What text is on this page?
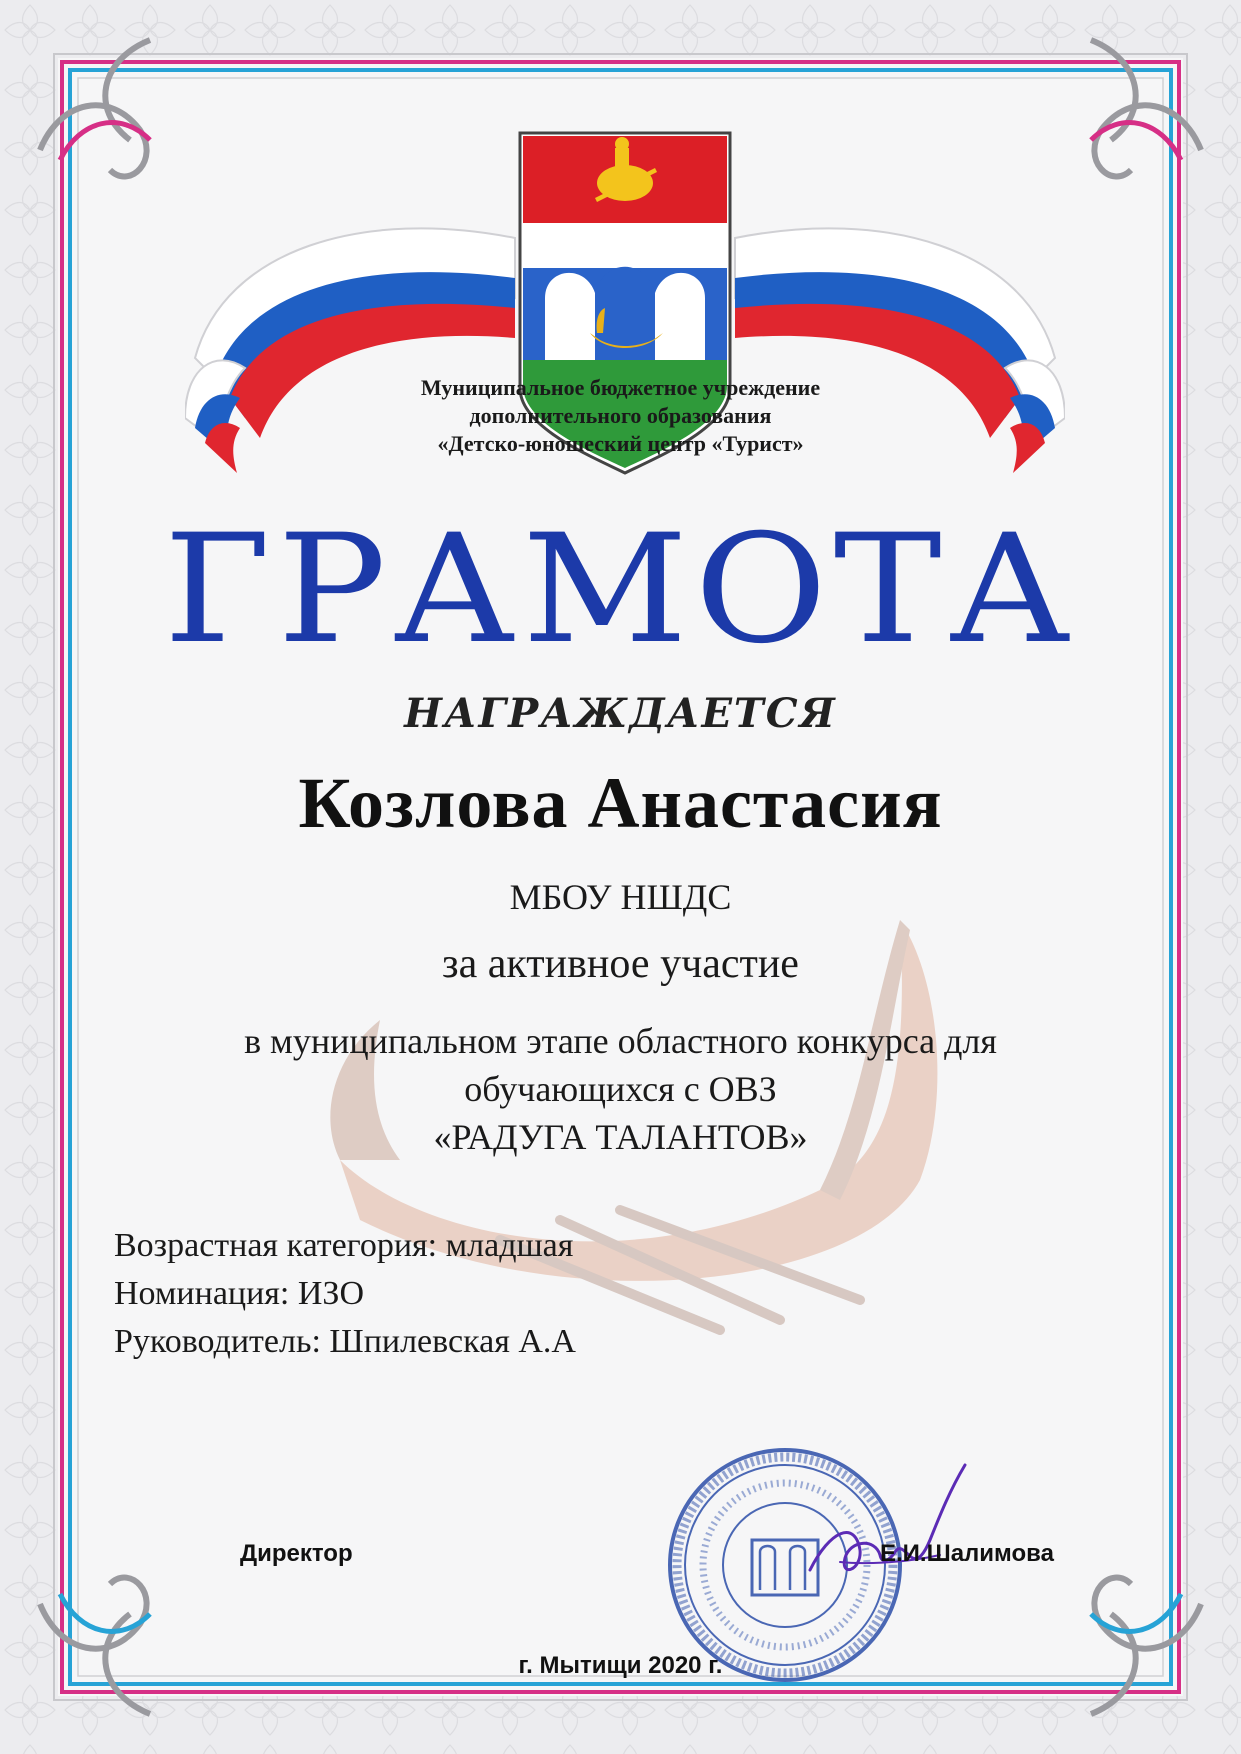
Муниципальное бюджетное учреждение
дополнительного образования
«Детско-юношеский центр «Турист»
ГРАМОТА
НАГРАЖДАЕТСЯ
Козлова Анастасия
МБОУ НШДС
за активное участие
в муниципальном этапе областного конкурса для
обучающихся с ОВЗ
«РАДУГА ТАЛАНТОВ»
Возрастная категория: младшая
Номинация: ИЗО
Руководитель: Шпилевская А.А
Директор	Е.И.Шалимова
г. Мытищи 2020 г.
